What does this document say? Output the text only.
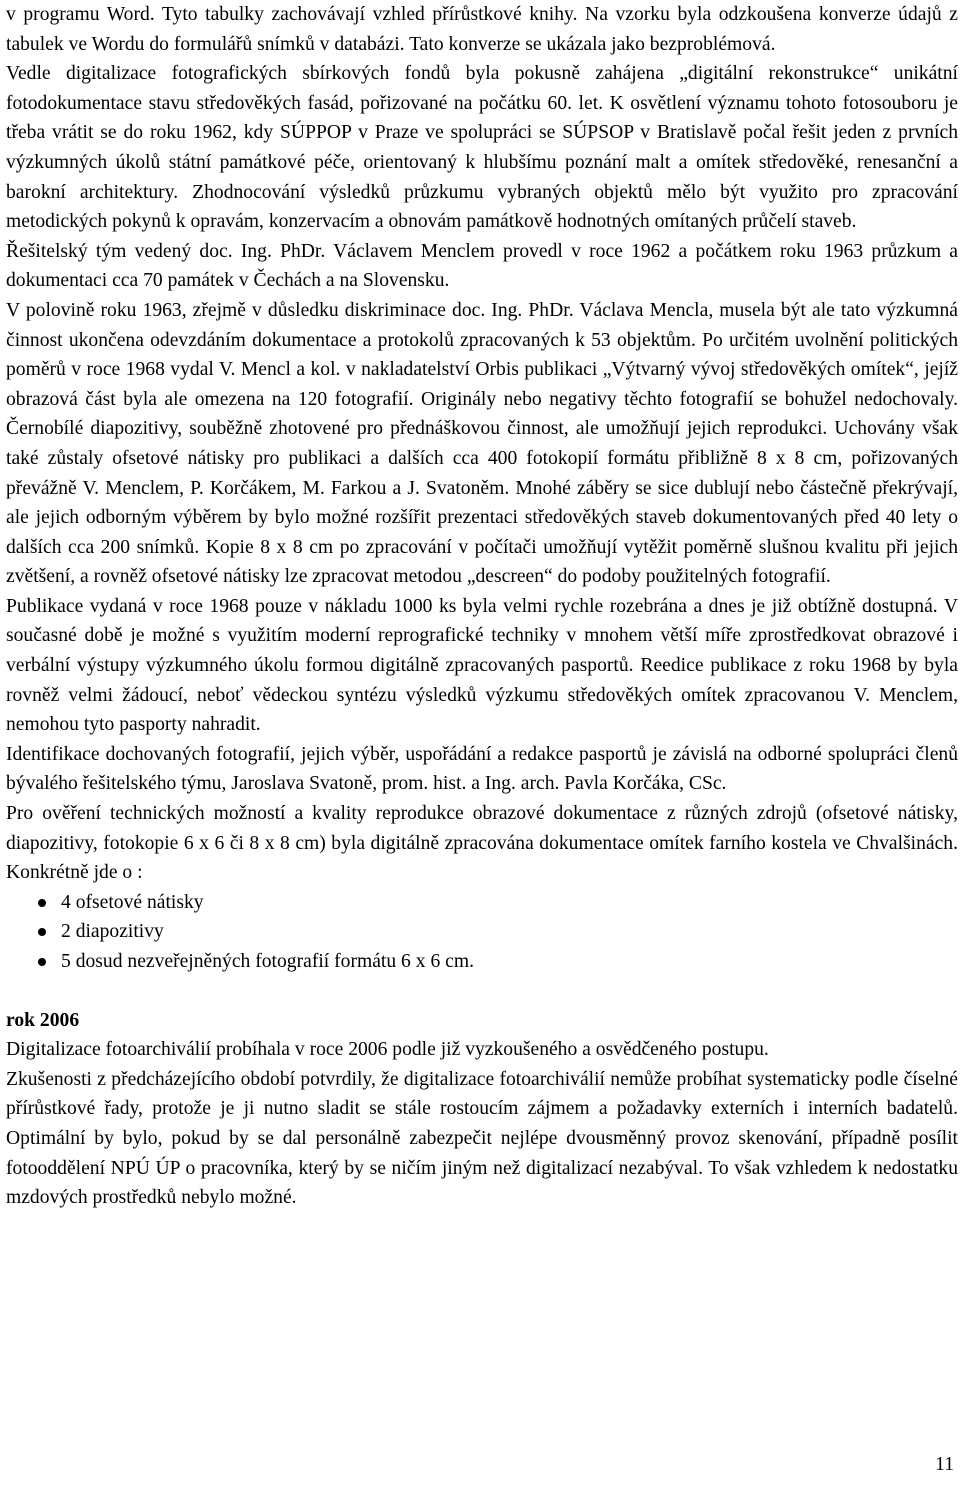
v programu Word. Tyto tabulky zachovávají vzhled přírůstkové knihy. Na vzorku byla odzkoušena konverze údajů z tabulek ve Wordu do formulářů snímků v databázi. Tato konverze se ukázala jako bezproblémová.

Vedle digitalizace fotografických sbírkových fondů byla pokusně zahájena „digitální rekonstrukce“ unikátní fotodokumentace stavu středověkých fasád, pořizované na počátku 60. let. K osvětlení významu tohoto fotosouboru je třeba vrátit se do roku 1962, kdy SÚPPOP v Praze ve spolupráci se SÚPSOP v Bratislavě počal řešit jeden z prvních výzkumných úkolů státní památkové péče, orientovaný k hlubšímu poznání malt a omítek středověké, renesanční a barokní architektury. Zhodnocování výsledků průzkumu vybraných objektů mělo být využito pro zpracování metodických pokynů k opravám, konzervacím a obnovám památkově hodnotných omítaných průčelí staveb.

Řešitelský tým vedený doc. Ing. PhDr. Václavem Menclem provedl v roce 1962 a počátkem roku 1963 průzkum a dokumentaci cca 70 památek v Čechách a na Slovensku.

V polovině roku 1963, zřejmě v důsledku diskriminace doc. Ing. PhDr. Václava Mencla, musela být ale tato výzkumná činnost ukončena odevzdáním dokumentace a protokolů zpracovaných k 53 objektům. Po určitém uvolnění politických poměrů v roce 1968 vydal V. Mencl a kol. v nakladatelství Orbis publikaci „Výtvarný vývoj středověkých omítek“, jejíž obrazová část byla ale omezena na 120 fotografií. Originály nebo negativy těchto fotografií se bohužel nedochovaly. Černobílé diapozitivy, souběžně zhotovené pro přednáškovou činnost, ale umožňují jejich reprodukci. Uchovány však také zůstaly ofsetové nátisky pro publikaci a dalších cca 400 fotokopií formátu přibližně 8 x 8 cm, pořizovaných převážně V. Menclem, P. Korčákem, M. Farkou a J. Svatoněm. Mnohé záběry se sice dublují nebo částečně překrývají, ale jejich odborným výběrem by bylo možné rozšířit prezentaci středověkých staveb dokumentovaných před 40 lety o dalších cca 200 snímků. Kopie 8 x 8 cm po zpracování v počítači umožňují vytěžit poměrně slušnou kvalitu při jejich zvětšení, a rovněž ofsetové nátisky lze zpracovat metodou „descreen“ do podoby použitelných fotografií.

Publikace vydaná v roce 1968 pouze v nákladu 1000 ks byla velmi rychle rozebrána a dnes je již obtížně dostupná. V současné době je možné s využitím moderní reprografické techniky v mnohem větší míře zprostředkovat obrazové i verbální výstupy výzkumného úkolu formou digitálně zpracovaných pasportů. Reedice publikace z roku 1968 by byla rovněž velmi žádoucí, neboť vědeckou syntézu výsledků výzkumu středověkých omítek zpracovanou V. Menclem, nemohou tyto pasporty nahradit.

Identifikace dochovaných fotografií, jejich výběr, uspořádání a redakce pasportů je závislá na odborné spolupráci členů bývalého řešitelského týmu, Jaroslava Svatoně, prom. hist. a Ing. arch. Pavla Korčáka, CSc.

Pro ověření technických možností a kvality reprodukce obrazové dokumentace z různých zdrojů (ofsetové nátisky, diapozitivy, fotokopie 6 x 6 či 8 x 8 cm) byla digitálně zpracována dokumentace omítek farního kostela ve Chvalšinách. Konkrétně jde o :

4 ofsetové nátisky
2 diapozitivy
5 dosud nezveřejněných fotografií formátu 6 x 6 cm.

rok 2006

Digitalizace fotoarchiválií probíhala v roce 2006 podle již vyzkoušeného a osvědčeného postupu.

Zkušenosti z předcházejícího období potvrdily, že digitalizace fotoarchiválií nemůže probíhat systematicky podle číselné přírůstkové řady, protože je ji nutno sladit se stále rostoucím zájmem a požadavky externích i interních badatelů. Optimální by bylo, pokud by se dal personálně zabezpečit nejlépe dvousměnný provoz skenování, případně posílit fotooddělení NPÚ ÚP o pracovníka, který by se ničím jiným než digitalizací nezabýval. To však vzhledem k nedostatku mzdových prostředků nebylo možné.

11
